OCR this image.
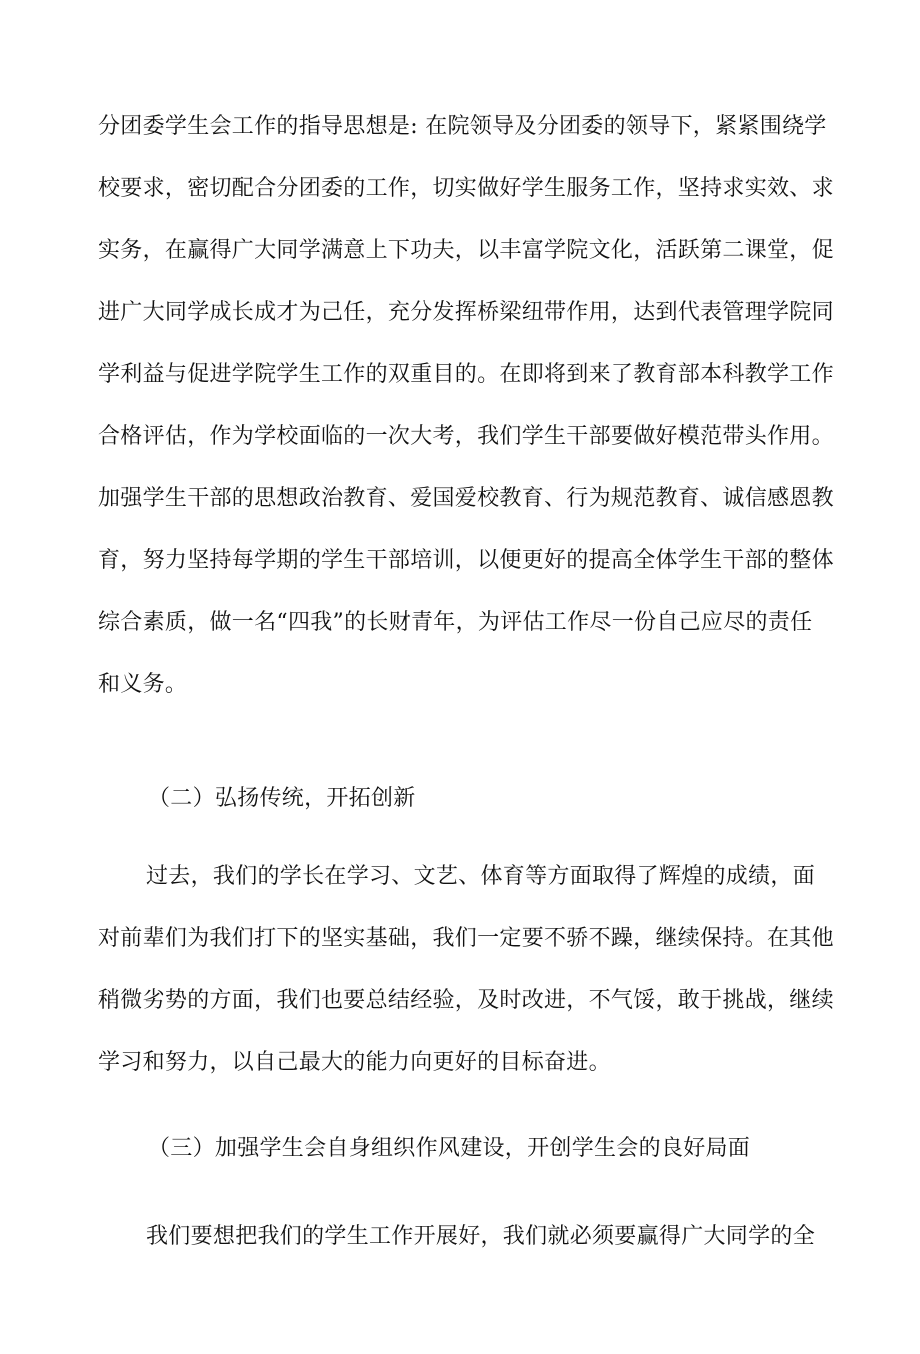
分团委学生会工作的指导思想是: 在院领导及分团委的领导下，紧紧围绕学
校要求，密切配合分团委的工作，切实做好学生服务工作，坚持求实效、求
实务，在赢得广大同学满意上下功夫，以丰富学院文化，活跃第二课堂，促
进广大同学成长成才为己任，充分发挥桥梁纽带作用，达到代表管理学院同
学利益与促进学院学生工作的双重目的。在即将到来了教育部本科教学工作
合格评估，作为学校面临的一次大考，我们学生干部要做好模范带头作用。
加强学生干部的思想政治教育、爱国爱校教育、行为规范教育、诚信感恩教
育，努力坚持每学期的学生干部培训，以便更好的提高全体学生干部的整体
综合素质，做一名“四我”的长财青年，为评估工作尽一份自己应尽的责任
和义务。
（二）弘扬传统，开拓创新
过去，我们的学长在学习、文艺、体育等方面取得了辉煌的成绩，面
对前辈们为我们打下的坚实基础，我们一定要不骄不躁，继续保持。在其他
稍微劣势的方面，我们也要总结经验，及时改进，不气馁，敢于挑战，继续
学习和努力，以自己最大的能力向更好的目标奋进。
（三）加强学生会自身组织作风建设，开创学生会的良好局面
我们要想把我们的学生工作开展好，我们就必须要赢得广大同学的全
